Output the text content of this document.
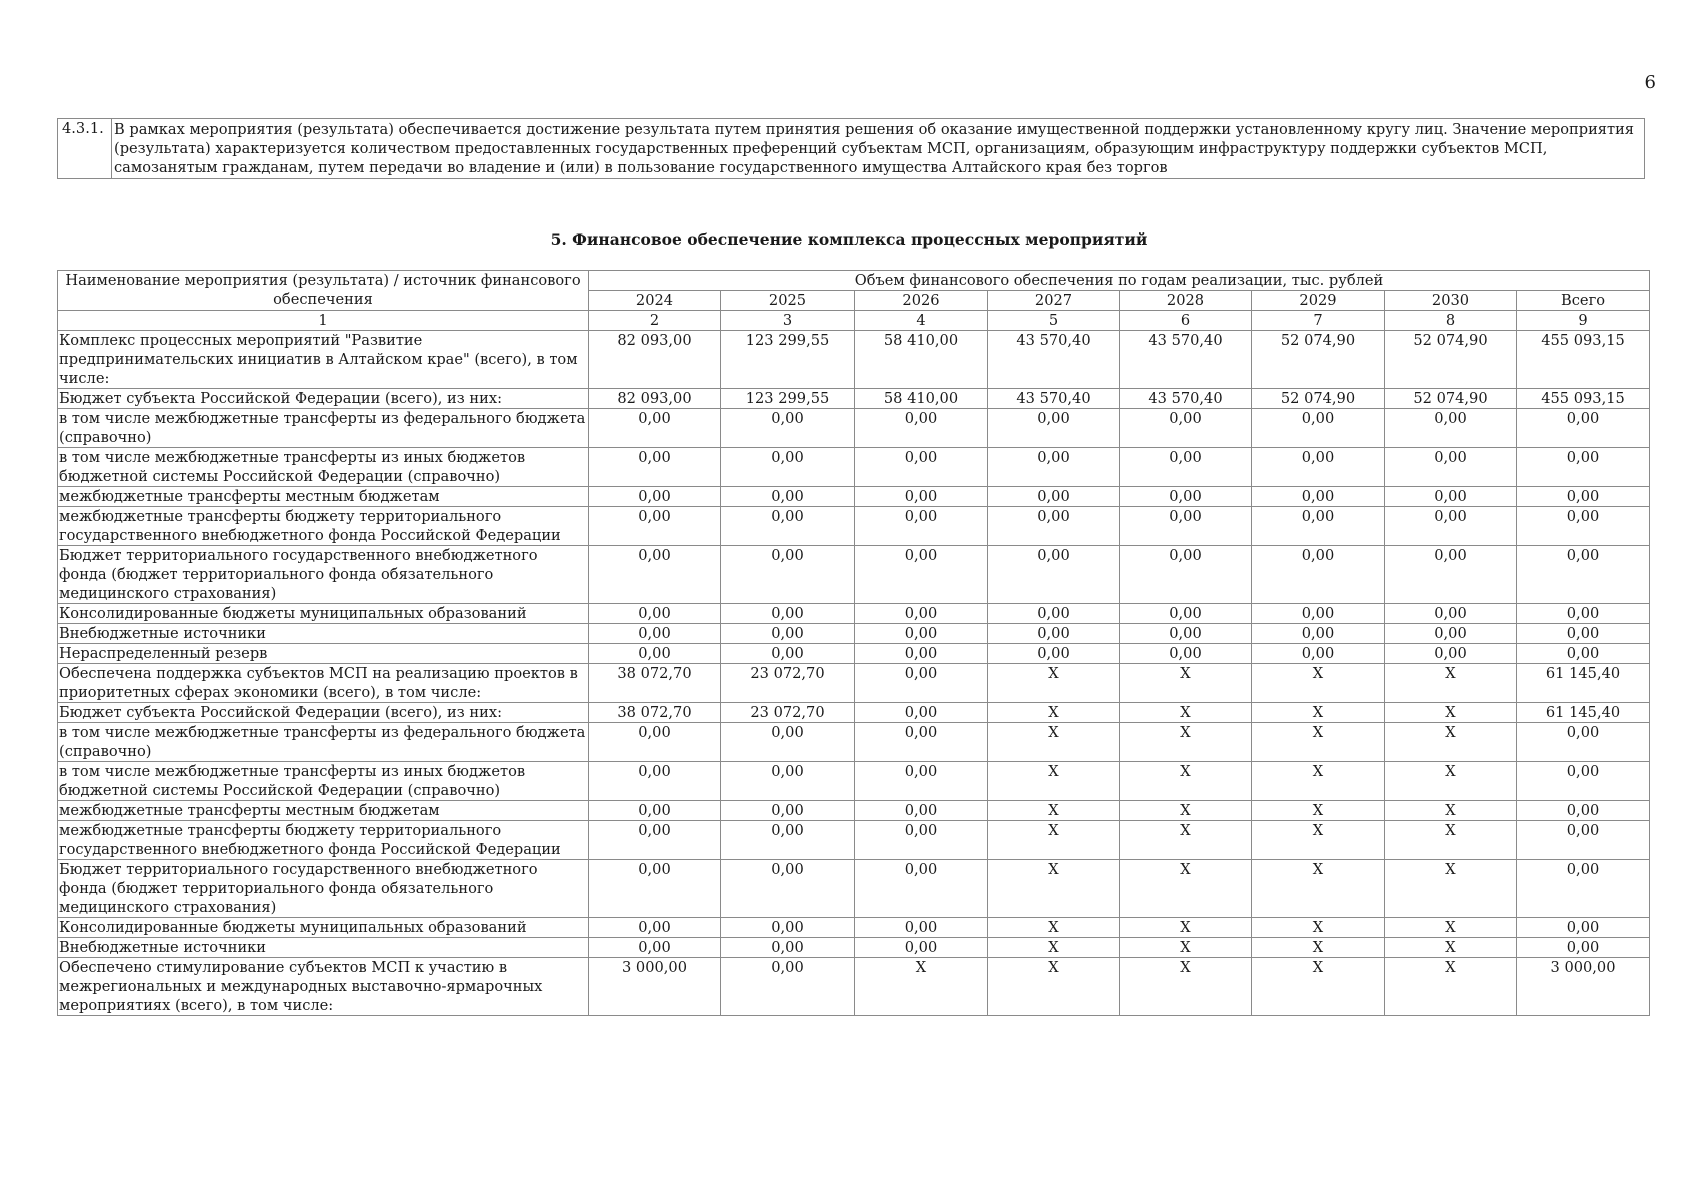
6
4.3.1.	В рамках мероприятия (результата) обеспечивается достижение результата путем принятия решения об оказание имущественной поддержки установленному кругу лиц. Значение мероприятия (результата) характеризуется количеством предоставленных государственных преференций субъектам МСП, организациям, образующим инфраструктуру поддержки субъектов МСП, самозанятым гражданам, путем передачи во владение и (или) в пользование государственного имущества Алтайского края без торгов
5. Финансовое обеспечение комплекса процессных мероприятий
Наименование мероприятия (результата) / источник финансового обеспечения	Объем финансового обеспечения по годам реализации, тыс. рублей							
	2024	2025	2026	2027	2028	2029	2030	Всего
1	2	3	4	5	6	7	8	9
Комплекс процессных мероприятий "Развитие предпринимательских инициатив в Алтайском крае" (всего), в том числе:	82 093,00	123 299,55	58 410,00	43 570,40	43 570,40	52 074,90	52 074,90	455 093,15
Бюджет субъекта Российской Федерации (всего), из них:	82 093,00	123 299,55	58 410,00	43 570,40	43 570,40	52 074,90	52 074,90	455 093,15
в том числе межбюджетные трансферты из федерального бюджета (справочно)	0,00	0,00	0,00	0,00	0,00	0,00	0,00	0,00
в том числе межбюджетные трансферты из иных бюджетов бюджетной системы Российской Федерации (справочно)	0,00	0,00	0,00	0,00	0,00	0,00	0,00	0,00
межбюджетные трансферты местным бюджетам	0,00	0,00	0,00	0,00	0,00	0,00	0,00	0,00
межбюджетные трансферты бюджету территориального государственного внебюджетного фонда Российской Федерации	0,00	0,00	0,00	0,00	0,00	0,00	0,00	0,00
Бюджет территориального государственного внебюджетного фонда (бюджет территориального фонда обязательного медицинского страхования)	0,00	0,00	0,00	0,00	0,00	0,00	0,00	0,00
Консолидированные бюджеты муниципальных образований	0,00	0,00	0,00	0,00	0,00	0,00	0,00	0,00
Внебюджетные источники	0,00	0,00	0,00	0,00	0,00	0,00	0,00	0,00
Нераспределенный резерв	0,00	0,00	0,00	0,00	0,00	0,00	0,00	0,00
Обеспечена поддержка субъектов МСП на реализацию проектов в приоритетных сферах экономики (всего), в том числе:	38 072,70	23 072,70	0,00	X	X	X	X	61 145,40
Бюджет субъекта Российской Федерации (всего), из них:	38 072,70	23 072,70	0,00	X	X	X	X	61 145,40
в том числе межбюджетные трансферты из федерального бюджета (справочно)	0,00	0,00	0,00	X	X	X	X	0,00
в том числе межбюджетные трансферты из иных бюджетов бюджетной системы Российской Федерации (справочно)	0,00	0,00	0,00	X	X	X	X	0,00
межбюджетные трансферты местным бюджетам	0,00	0,00	0,00	X	X	X	X	0,00
межбюджетные трансферты бюджету территориального государственного внебюджетного фонда Российской Федерации	0,00	0,00	0,00	X	X	X	X	0,00
Бюджет территориального государственного внебюджетного фонда (бюджет территориального фонда обязательного медицинского страхования)	0,00	0,00	0,00	X	X	X	X	0,00
Консолидированные бюджеты муниципальных образований	0,00	0,00	0,00	X	X	X	X	0,00
Внебюджетные источники	0,00	0,00	0,00	X	X	X	X	0,00
Обеспечено стимулирование субъектов МСП к участию в межрегиональных и международных выставочно-ярмарочных мероприятиях (всего), в том числе:	3 000,00	0,00	X	X	X	X	X	3 000,00
